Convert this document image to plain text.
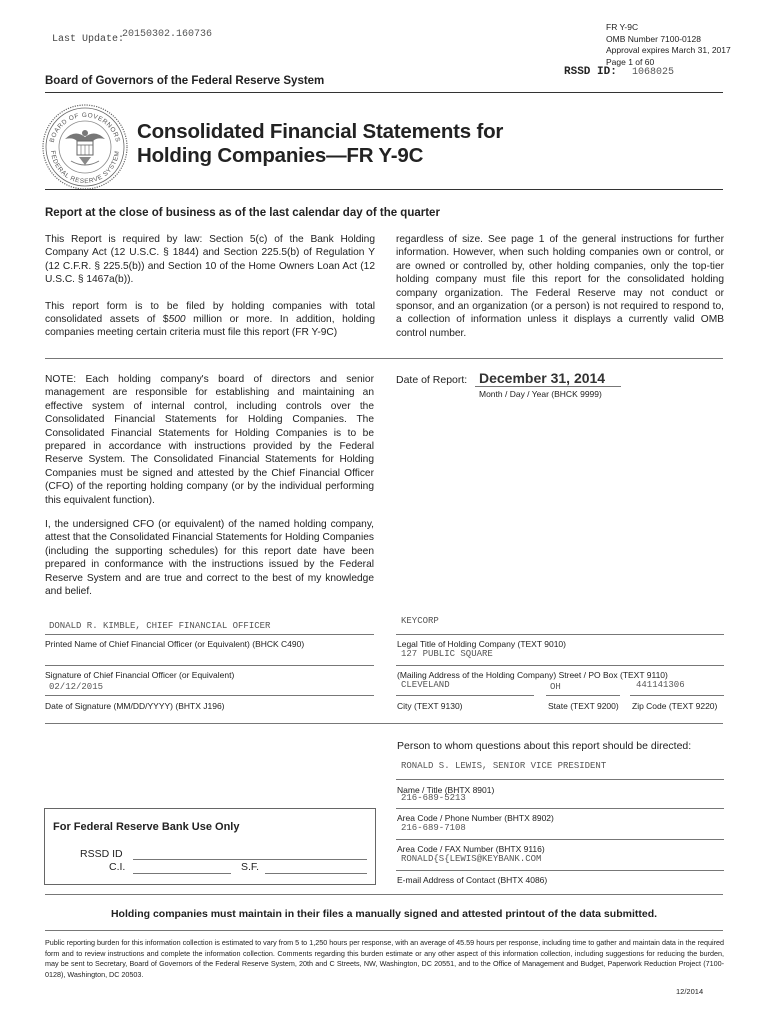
Last Update:
20150302.160736
FR Y-9C
OMB Number 7100-0128
Approval expires March 31, 2017
Page 1 of 60
RSSD ID: 1068025
Board of Governors of the Federal Reserve System
BOARD OF GOVERNORS
FEDERAL RESERVE SYSTEM
Consolidated Financial Statements for
Holding Companies—FR Y-9C
Report at the close of business as of the last calendar day of the quarter

This Report is required by law: Section 5(c) of the Bank Holding Company Act (12 U.S.C. § 1844) and Section 225.5(b) of Regulation Y (12 C.F.R. § 225.5(b)) and Section 10 of the Home Owners Loan Act (12 U.S.C. § 1467a(b)).

This report form is to be filed by holding companies with total consolidated assets of $500 million or more. In addition, holding companies meeting certain criteria must file this report (FR Y-9C)

regardless of size. See page 1 of the general instructions for further information. However, when such holding companies own or control, or are owned or controlled by, other holding companies, only the top-tier holding company must file this report for the consolidated holding company organization. The Federal Reserve may not conduct or sponsor, and an organization (or a person) is not required to respond to, a collection of information unless it displays a currently valid OMB control number.

NOTE: Each holding company's board of directors and senior management are responsible for establishing and maintaining an effective system of internal control, including controls over the Consolidated Financial Statements for Holding Companies. The Consolidated Financial Statements for Holding Companies is to be prepared in accordance with instructions provided by the Federal Reserve System. The Consolidated Financial Statements for Holding Companies must be signed and attested by the Chief Financial Officer (CFO) of the reporting holding company (or by the individual performing this equivalent function).

I, the undersigned CFO (or equivalent) of the named holding company, attest that the Consolidated Financial Statements for Holding Companies (including the supporting schedules) for this report date have been prepared in conformance with the instructions issued by the Federal Reserve System and are true and correct to the best of my knowledge and belief.

Date of Report: December 31, 2014
Month / Day / Year (BHCK 9999)
DONALD R. KIMBLE, CHIEF FINANCIAL OFFICER
Printed Name of Chief Financial Officer (or Equivalent) (BHCK C490)
Signature of Chief Financial Officer (or Equivalent)
02/12/2015
Date of Signature (MM/DD/YYYY) (BHTX J196)
KEYCORP
Legal Title of Holding Company (TEXT 9010)
127 PUBLIC SQUARE
(Mailing Address of the Holding Company) Street / PO Box (TEXT 9110)
CLEVELAND	OH	441141306
City (TEXT 9130)	State (TEXT 9200) Zip Code (TEXT 9220)
Person to whom questions about this report should be directed:
RONALD S. LEWIS, SENIOR VICE PRESIDENT
Name / Title (BHTX 8901)
216-689-5213
Area Code / Phone Number (BHTX 8902)
216-689-7108
Area Code / FAX Number (BHTX 9116)
RONALD{S{LEWIS@KEYBANK.COM
E-mail Address of Contact (BHTX 4086)
For Federal Reserve Bank Use Only
RSSD ID
C.I.	S.F.
Holding companies must maintain in their files a manually signed and attested printout of the data submitted.
Public reporting burden for this information collection is estimated to vary from 5 to 1,250 hours per response, with an average of 45.59 hours per response, including time to gather and maintain data in the required form and to review instructions and complete the information collection. Comments regarding this burden estimate or any other aspect of this information collection, including suggestions for reducing the burden, may be sent to Secretary, Board of Governors of the Federal Reserve System, 20th and C Streets, NW, Washington, DC 20551, and to the Office of Management and Budget, Paperwork Reduction Project (7100-0128), Washington, DC 20503.
12/2014
